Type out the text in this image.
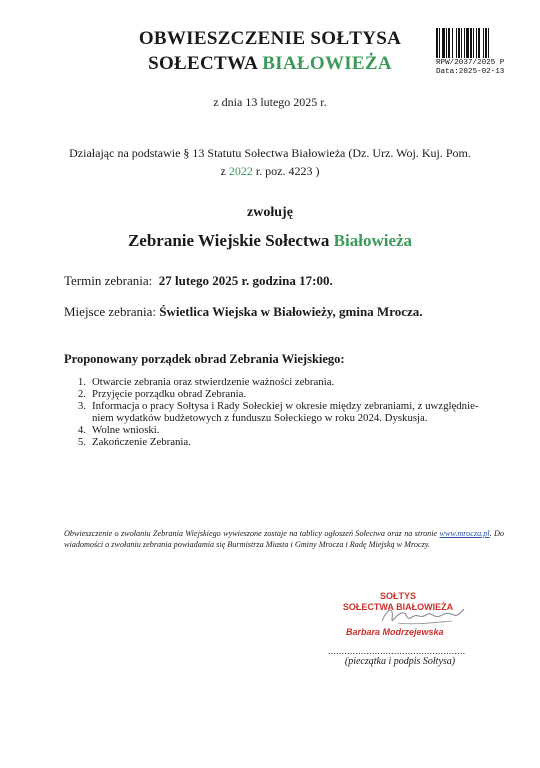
RPW/2037/2025 P
Data:2025-02-13
OBWIESZCZENIE SOŁTYSA
SOŁECTWA BIAŁOWIEŻA
z dnia 13 lutego 2025 r.
Działając na podstawie § 13 Statutu Sołectwa Białowieża (Dz. Urz. Woj. Kuj. Pom.
z 2022 r. poz. 4223 )
zwołuję
Zebranie Wiejskie Sołectwa Białowieża
Termin zebrania: 27 lutego 2025 r. godzina 17:00.
Miejsce zebrania: Świetlica Wiejska w Białowieży, gmina Mrocza.
Proponowany porządek obrad Zebrania Wiejskiego:
1. Otwarcie zebrania oraz stwierdzenie ważności zebrania.
2. Przyjęcie porządku obrad Zebrania.
3. Informacja o pracy Sołtysa i Rady Sołeckiej w okresie między zebraniami, z uwzględnie-niem wydatków budżetowych z funduszu Sołeckiego w roku 2024. Dyskusja.
4. Wolne wnioski.
5. Zakończenie Zebrania.
Obwieszczenie o zwołaniu Zebrania Wiejskiego wywieszone zostaje na tablicy ogłoszeń Sołectwa oraz na stronie www.mrocza.pl. Do wiadomości o zwołaniu zebrania powiadamia się Burmistrza Miasta i Gminy Mrocza i Radę Miejską w Mroczy.
SOŁTYS
SOŁECTWA BIAŁOWIEŻA
Barbara Modrzejewska
..................................................
(pieczątka i podpis Sołtysa)
